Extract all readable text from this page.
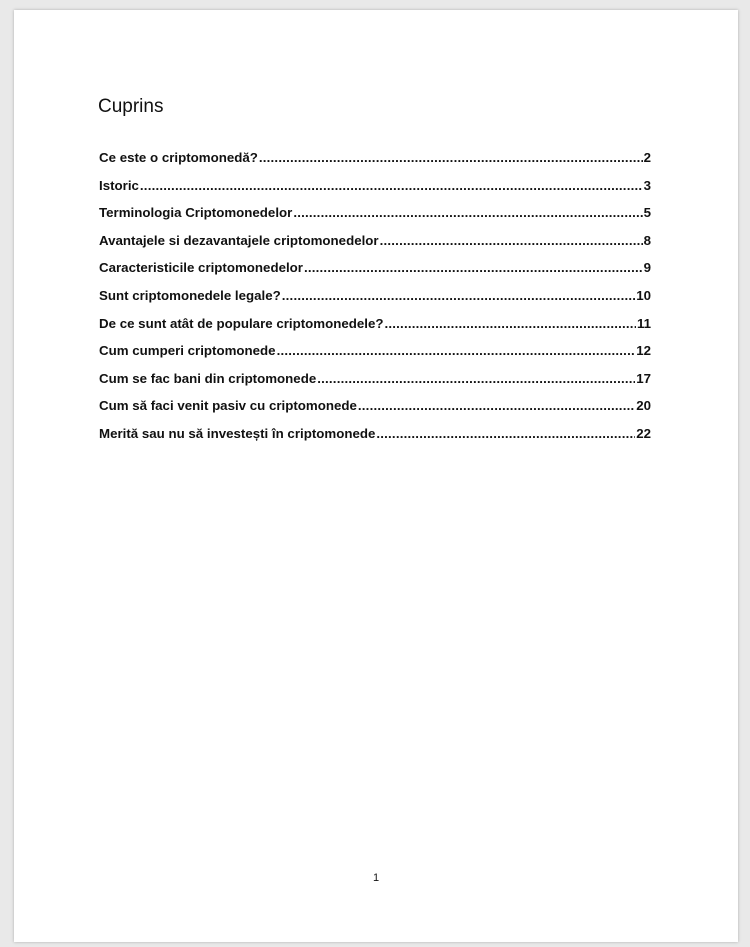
Cuprins
Ce este o criptomonedă? .....	2
Istoric .....	3
Terminologia Criptomonedelor .....	5
Avantajele si dezavantajele criptomonedelor .....	8
Caracteristicile criptomonedelor .....	9
Sunt criptomonedele legale? .....	10
De ce sunt atât de populare criptomonedele? .....	11
Cum cumperi criptomonede .....	12
Cum se fac bani din criptomonede .....	17
Cum să faci venit pasiv cu criptomonede .....	20
Merită sau nu să investești în criptomonede .....	22
1
